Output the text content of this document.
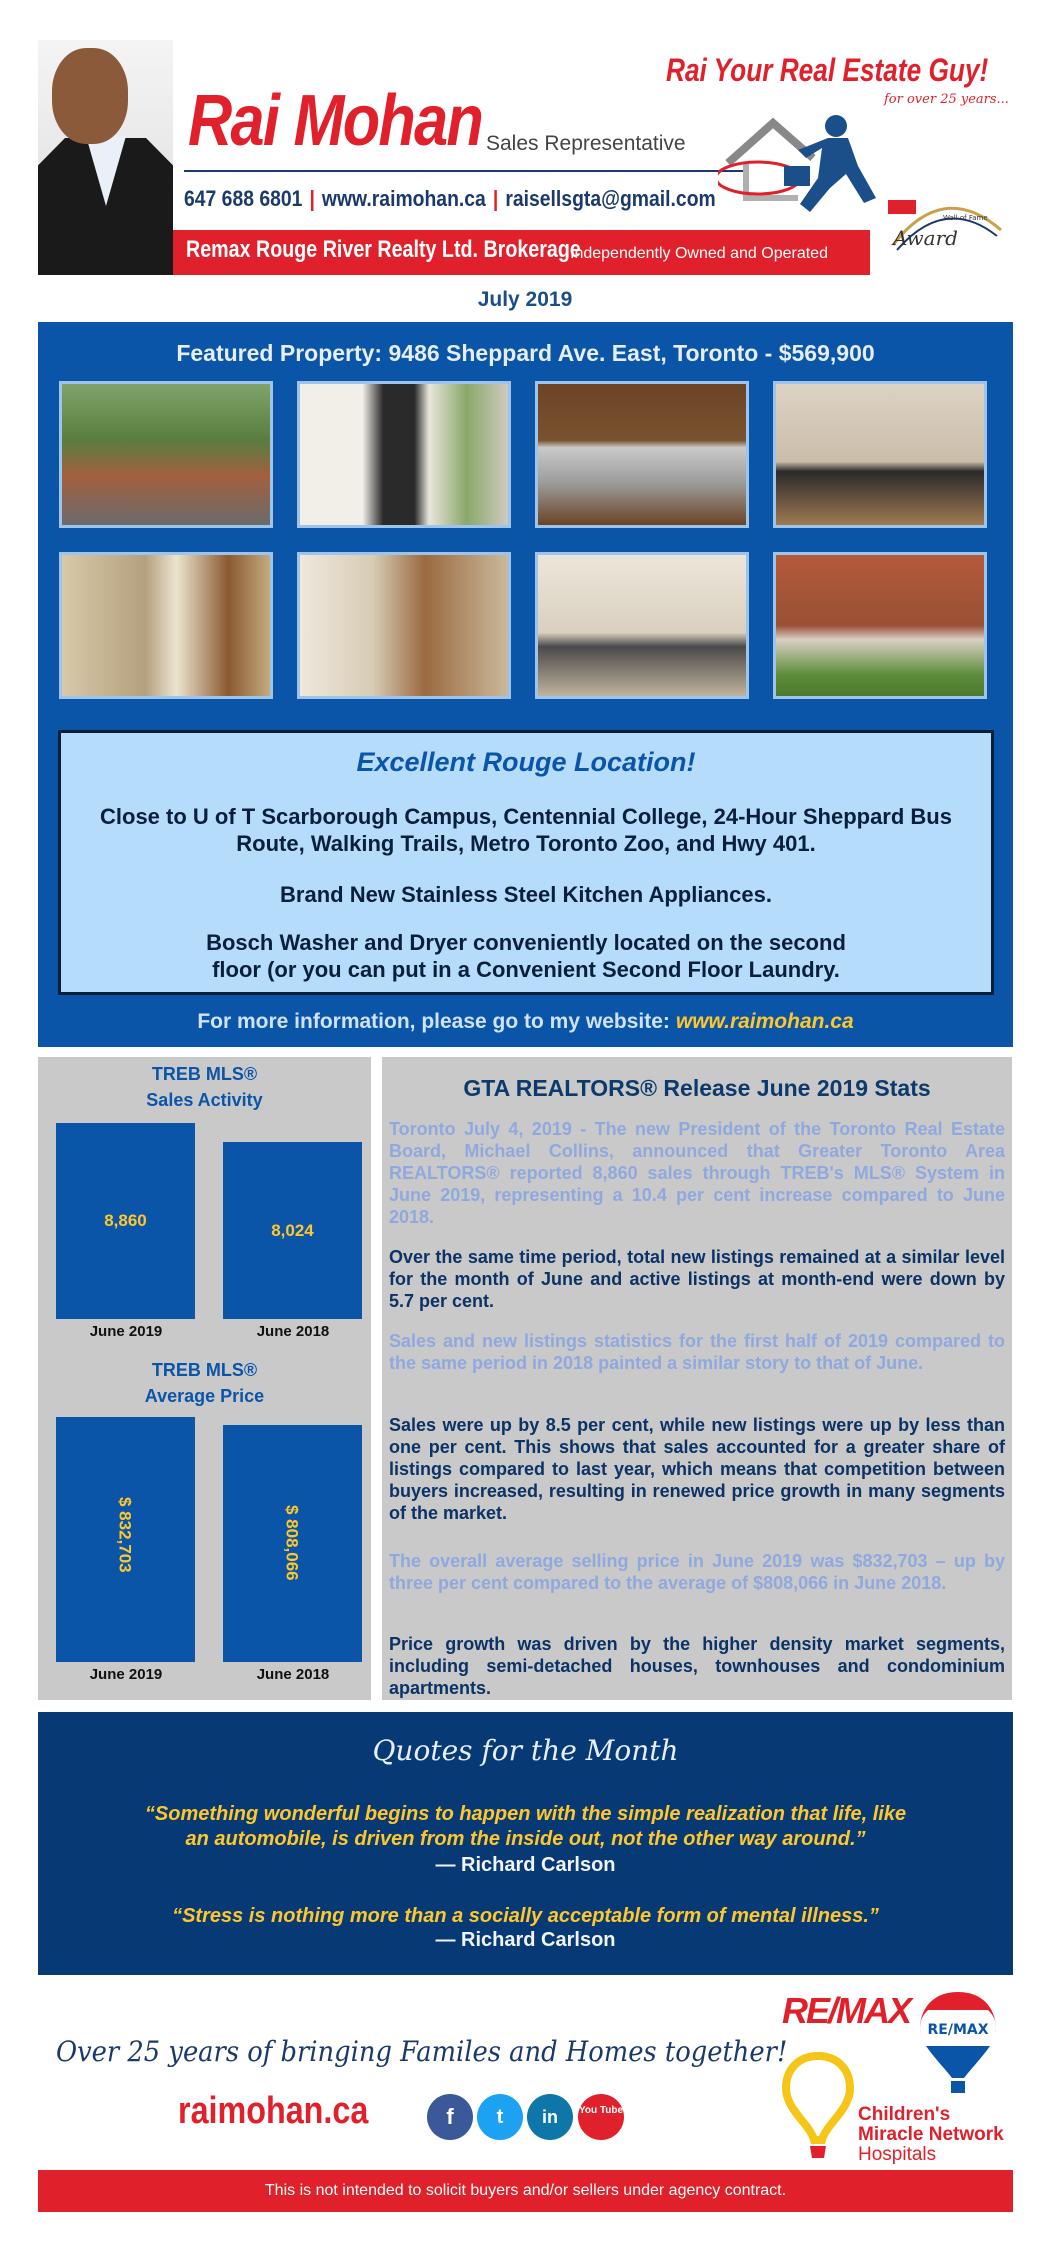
Rai Mohan Sales Representative
647 688 6801 | www.raimohan.ca | raisellsgta@gmail.com
Remax Rouge River Realty Ltd. Brokerage
Independently Owned and Operated
Rai Your Real Estate Guy!
for over 25 years...
Award
Wall of Fame
July 2019
Featured Property: 9486 Sheppard Ave. East, Toronto - $569,900
Excellent Rouge Location!
Close to U of T Scarborough Campus, Centennial College, 24-Hour Sheppard Bus Route, Walking Trails, Metro Toronto Zoo, and Hwy 401.
Brand New Stainless Steel Kitchen Appliances.
Bosch Washer and Dryer conveniently located on the second floor (or you can put in a Convenient Second Floor Laundry.
For more information, please go to my website: www.raimohan.ca
TREB MLS®
Sales Activity
TREB MLS®
Average Price
8,860
June 2019
8,024
June 2018
$ 832,703
June 2019
$ 808,066
June 2018
GTA REALTORS® Release June 2019 Stats
Toronto July 4, 2019 - The new President of the Toronto Real Estate Board, Michael Collins, announced that Greater Toronto Area REALTORS® reported 8,860 sales through TREB's MLS® System in June 2019, representing a 10.4 per cent increase compared to June 2018.
Over the same time period, total new listings remained at a similar level for the month of June and active listings at month-end were down by 5.7 per cent.
Sales and new listings statistics for the first half of 2019 compared to the same period in 2018 painted a similar story to that of June.
Sales were up by 8.5 per cent, while new listings were up by less than one per cent. This shows that sales accounted for a greater share of listings compared to last year, which means that competition between buyers increased, resulting in renewed price growth in many segments of the market.
The overall average selling price in June 2019 was $832,703 – up by three per cent compared to the average of $808,066 in June 2018.
Price growth was driven by the higher density market segments, including semi-detached houses, townhouses and condominium apartments.
Quotes for the Month
“Something wonderful begins to happen with the simple realization that life, like an automobile, is driven from the inside out, not the other way around.”
— Richard Carlson
“Stress is nothing more than a socially acceptable form of mental illness.”
— Richard Carlson
Over 25 years of bringing Familes and Homes together!
raimohan.ca	f	t	in	You Tube
RE/MAX RE/MAX
Children's
Miracle Network
Hospitals
This is not intended to solicit buyers and/or sellers under agency contract.
